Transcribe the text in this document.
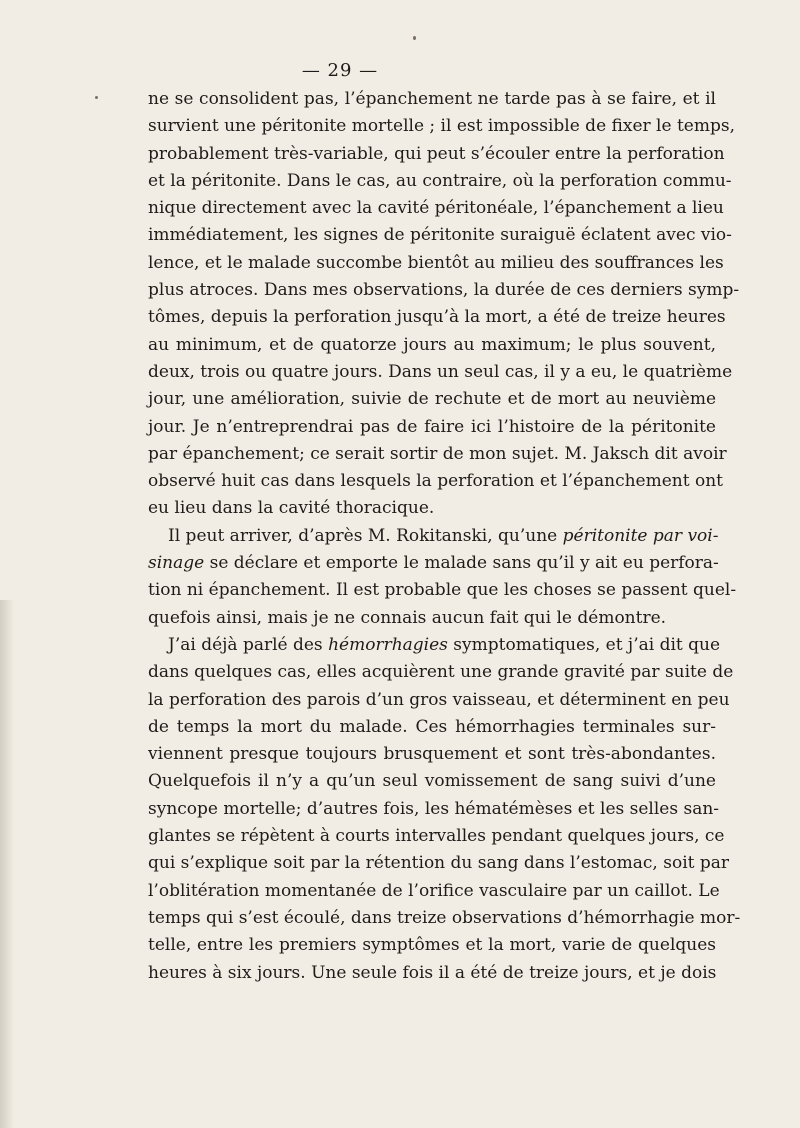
— 29 —
ne se consolident pas, l’épanchement ne tarde pas à se faire, et il
survient une péritonite mortelle ; il est impossible de fixer le temps,
probablement très-variable, qui peut s’écouler entre la perforation
et la péritonite. Dans le cas, au contraire, où la perforation commu-
nique directement avec la cavité péritonéale, l’épanchement a lieu
immédiatement, les signes de péritonite suraiguë éclatent avec vio-
lence, et le malade succombe bientôt au milieu des souffrances les
plus atroces. Dans mes observations, la durée de ces derniers symp-
tômes, depuis la perforation jusqu’à la mort, a été de treize heures
au minimum, et de quatorze jours au maximum; le plus souvent,
deux, trois ou quatre jours. Dans un seul cas, il y a eu, le quatrième
jour, une amélioration, suivie de rechute et de mort au neuvième
jour. Je n’entreprendrai pas de faire ici l’histoire de la péritonite
par épanchement; ce serait sortir de mon sujet. M. Jaksch dit avoir
observé huit cas dans lesquels la perforation et l’épanchement ont
eu lieu dans la cavité thoracique.
Il peut arriver, d’après M. Rokitanski, qu’une péritonite par voi-
sinage se déclare et emporte le malade sans qu’il y ait eu perfora-
tion ni épanchement. Il est probable que les choses se passent quel-
quefois ainsi, mais je ne connais aucun fait qui le démontre.
J’ai déjà parlé des hémorrhagies symptomatiques, et j’ai dit que
dans quelques cas, elles acquièrent une grande gravité par suite de
la perforation des parois d’un gros vaisseau, et déterminent en peu
de temps la mort du malade. Ces hémorrhagies terminales sur-
viennent presque toujours brusquement et sont très-abondantes.
Quelquefois il n’y a qu’un seul vomissement de sang suivi d’une
syncope mortelle; d’autres fois, les hématémèses et les selles san-
glantes se répètent à courts intervalles pendant quelques jours, ce
qui s’explique soit par la rétention du sang dans l’estomac, soit par
l’oblitération momentanée de l’orifice vasculaire par un caillot. Le
temps qui s’est écoulé, dans treize observations d’hémorrhagie mor-
telle, entre les premiers symptômes et la mort, varie de quelques
heures à six jours. Une seule fois il a été de treize jours, et je dois
